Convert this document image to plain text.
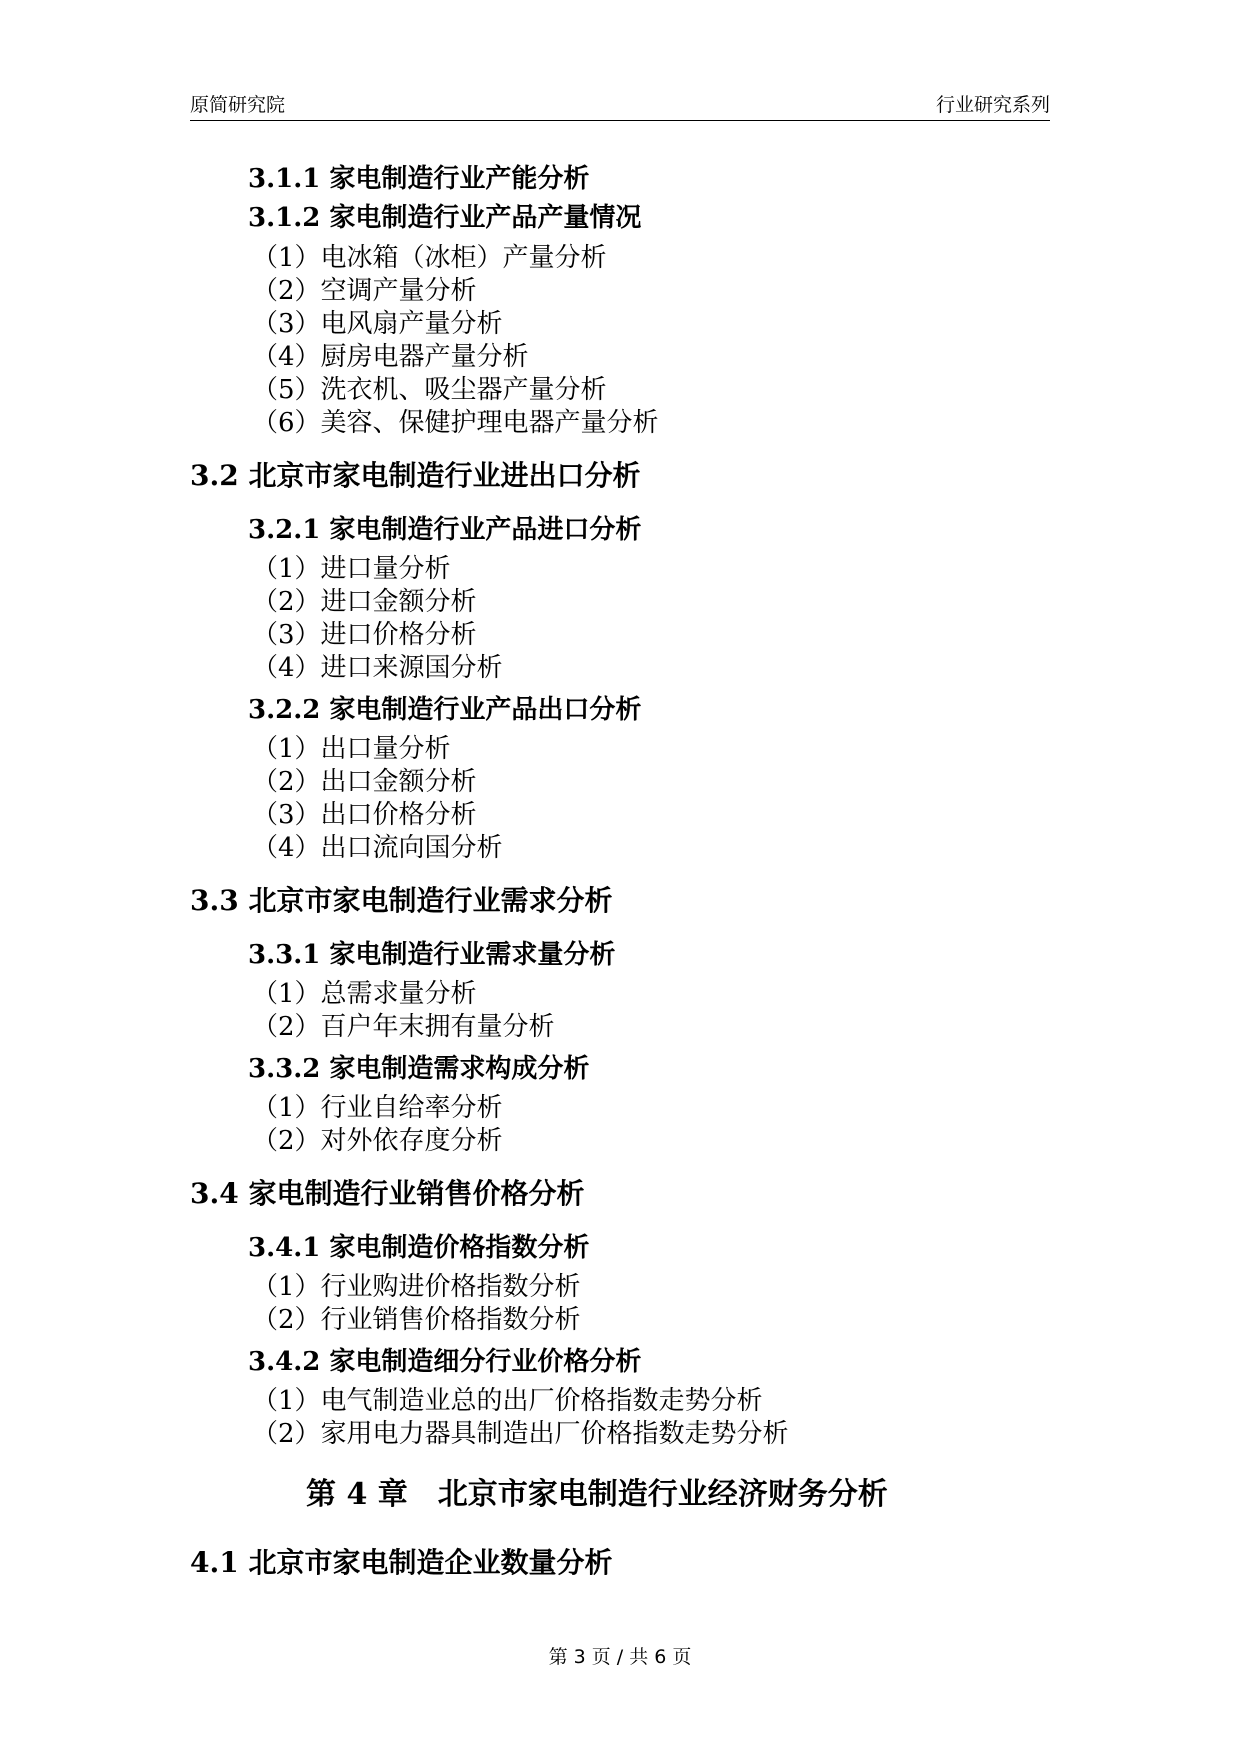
原简研究院	行业研究系列
3.1.1 家电制造行业产能分析
3.1.2 家电制造行业产品产量情况
（1）电冰箱（冰柜）产量分析
（2）空调产量分析
（3）电风扇产量分析
（4）厨房电器产量分析
（5）洗衣机、吸尘器产量分析
（6）美容、保健护理电器产量分析
3.2 北京市家电制造行业进出口分析
3.2.1 家电制造行业产品进口分析
（1）进口量分析
（2）进口金额分析
（3）进口价格分析
（4）进口来源国分析
3.2.2 家电制造行业产品出口分析
（1）出口量分析
（2）出口金额分析
（3）出口价格分析
（4）出口流向国分析
3.3 北京市家电制造行业需求分析
3.3.1 家电制造行业需求量分析
（1）总需求量分析
（2）百户年末拥有量分析
3.3.2 家电制造需求构成分析
（1）行业自给率分析
（2）对外依存度分析
3.4 家电制造行业销售价格分析
3.4.1 家电制造价格指数分析
（1）行业购进价格指数分析
（2）行业销售价格指数分析
3.4.2 家电制造细分行业价格分析
（1）电气制造业总的出厂价格指数走势分析
（2）家用电力器具制造出厂价格指数走势分析
第 4 章　北京市家电制造行业经济财务分析
4.1 北京市家电制造企业数量分析
第 3 页 / 共 6 页
